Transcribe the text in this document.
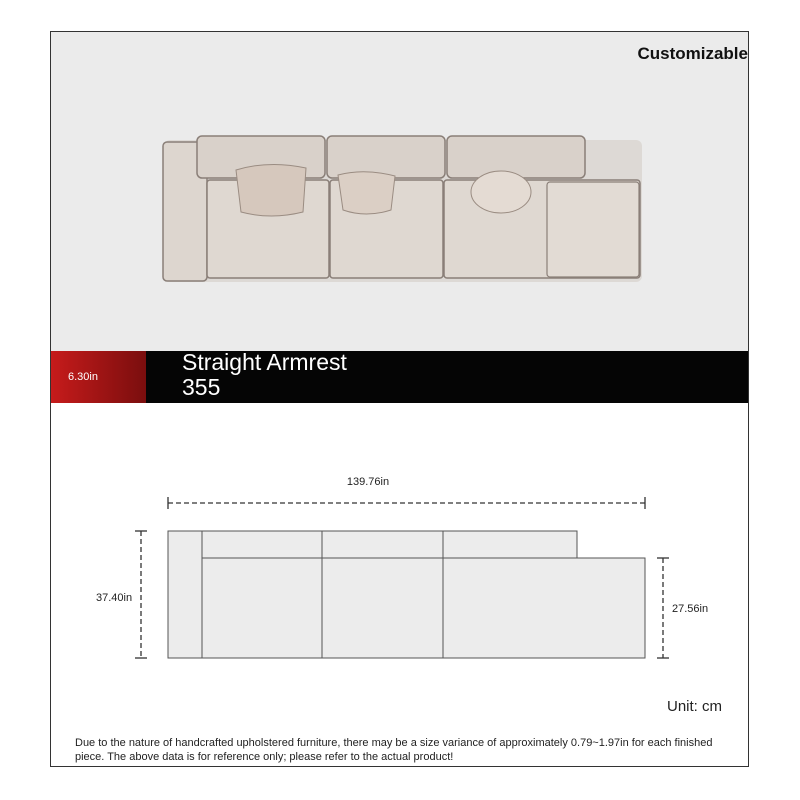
Customizable
6.30in
Straight Armrest
355
139.76in
37.40in
27.56in
Unit: cm
Due to the nature of handcrafted upholstered furniture, there may be a size variance of approximately 0.79~1.97in for each finished piece. The above data is for reference only; please refer to the actual product!
